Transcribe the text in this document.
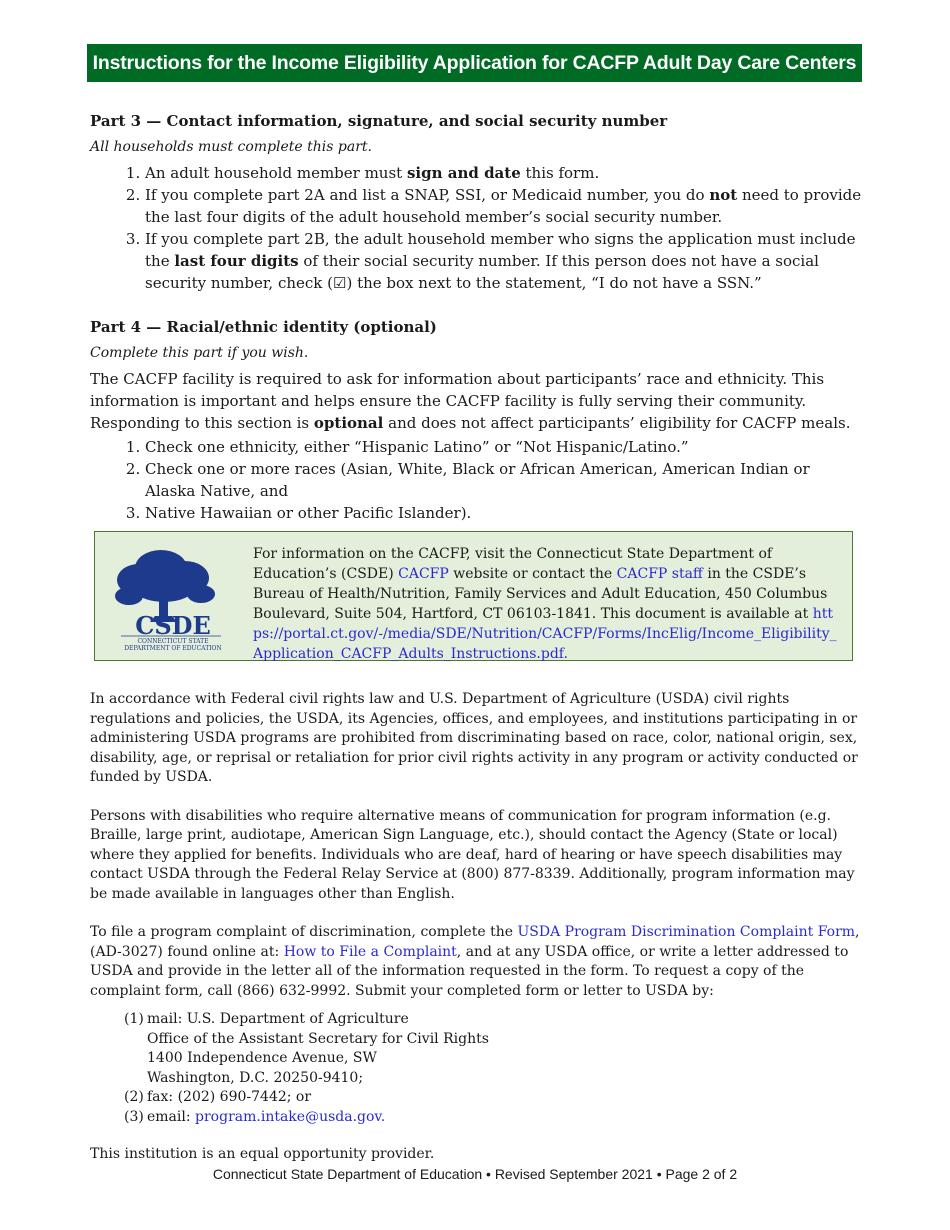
Instructions for the Income Eligibility Application for CACFP Adult Day Care Centers

Part 3 — Contact information, signature, and social security number

All households must complete this part.

1. An adult household member must sign and date this form.
2. If you complete part 2A and list a SNAP, SSI, or Medicaid number, you do not need to provide the last four digits of the adult household member’s social security number.
3. If you complete part 2B, the adult household member who signs the application must include the last four digits of their social security number. If this person does not have a social security number, check (☑) the box next to the statement, “I do not have a SSN.”

Part 4 — Racial/ethnic identity (optional)

Complete this part if you wish.

The CACFP facility is required to ask for information about participants’ race and ethnicity. This information is important and helps ensure the CACFP facility is fully serving their community. Responding to this section is optional and does not affect participants’ eligibility for CACFP meals.

1. Check one ethnicity, either “Hispanic Latino” or “Not Hispanic/Latino.”
2. Check one or more races (Asian, White, Black or African American, American Indian or Alaska Native, and
3. Native Hawaiian or other Pacific Islander).
CSDE
CONNECTICUT STATE
DEPARTMENT OF EDUCATION
For information on the CACFP, visit the Connecticut State Department of Education’s (CSDE) CACFP website or contact the CACFP staff in the CSDE’s Bureau of Health/Nutrition, Family Services and Adult Education, 450 Columbus Boulevard, Suite 504, Hartford, CT 06103-1841. This document is available at https://portal.ct.gov/-/media/SDE/Nutrition/CACFP/Forms/IncElig/Income_Eligibility_Application_CACFP_Adults_Instructions.pdf.

In accordance with Federal civil rights law and U.S. Department of Agriculture (USDA) civil rights regulations and policies, the USDA, its Agencies, offices, and employees, and institutions participating in or administering USDA programs are prohibited from discriminating based on race, color, national origin, sex, disability, age, or reprisal or retaliation for prior civil rights activity in any program or activity conducted or funded by USDA.

Persons with disabilities who require alternative means of communication for program information (e.g. Braille, large print, audiotape, American Sign Language, etc.), should contact the Agency (State or local) where they applied for benefits. Individuals who are deaf, hard of hearing or have speech disabilities may contact USDA through the Federal Relay Service at (800) 877-8339. Additionally, program information may be made available in languages other than English.

To file a program complaint of discrimination, complete the USDA Program Discrimination Complaint Form, (AD-3027) found online at: How to File a Complaint, and at any USDA office, or write a letter addressed to USDA and provide in the letter all of the information requested in the form. To request a copy of the complaint form, call (866) 632-9992. Submit your completed form or letter to USDA by:

(1) mail: U.S. Department of Agriculture
Office of the Assistant Secretary for Civil Rights
1400 Independence Avenue, SW
Washington, D.C. 20250-9410;
(2) fax: (202) 690-7442; or
(3) email: program.intake@usda.gov.

This institution is an equal opportunity provider.

Connecticut State Department of Education • Revised September 2021 • Page 2 of 2
